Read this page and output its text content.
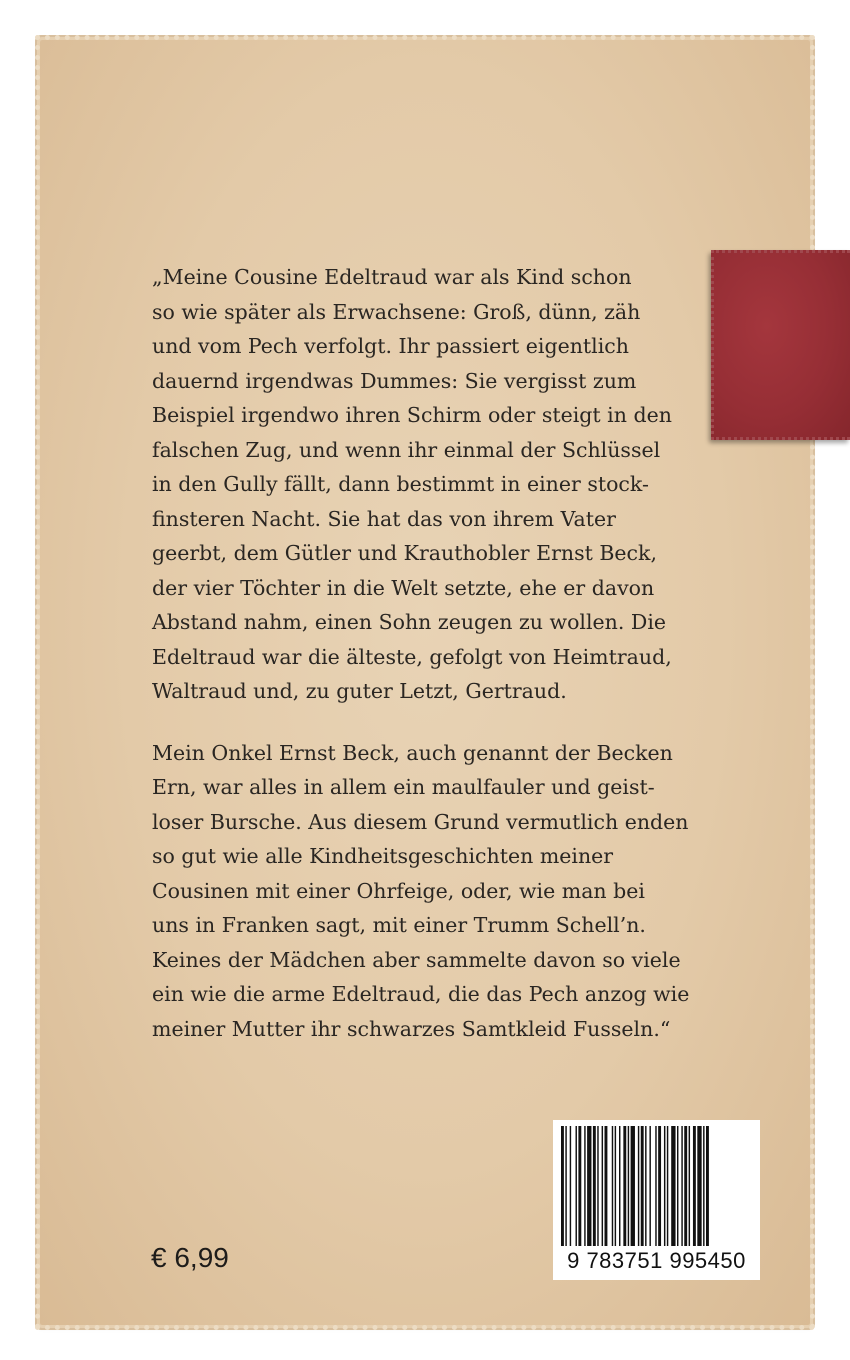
„Meine Cousine Edeltraud war als Kind schon

so wie später als Erwachsene: Groß, dünn, zäh

und vom Pech verfolgt. Ihr passiert eigentlich

dauernd irgendwas Dummes: Sie vergisst zum

Beispiel irgendwo ihren Schirm oder steigt in den

falschen Zug, und wenn ihr einmal der Schlüssel

in den Gully fällt, dann bestimmt in einer stock-

finsteren Nacht. Sie hat das von ihrem Vater

geerbt, dem Gütler und Krauthobler Ernst Beck,

der vier Töchter in die Welt setzte, ehe er davon

Abstand nahm, einen Sohn zeugen zu wollen. Die

Edeltraud war die älteste, gefolgt von Heimtraud,

Waltraud und, zu guter Letzt, Gertraud.

Mein Onkel Ernst Beck, auch genannt der Becken

Ern, war alles in allem ein maulfauler und geist-

loser Bursche. Aus diesem Grund vermutlich enden

so gut wie alle Kindheitsgeschichten meiner

Cousinen mit einer Ohrfeige, oder, wie man bei

uns in Franken sagt, mit einer Trumm Schell’n.

Keines der Mädchen aber sammelte davon so viele

ein wie die arme Edeltraud, die das Pech anzog wie

meiner Mutter ihr schwarzes Samtkleid Fusseln.“

€ 6,99	9 783751 995450
